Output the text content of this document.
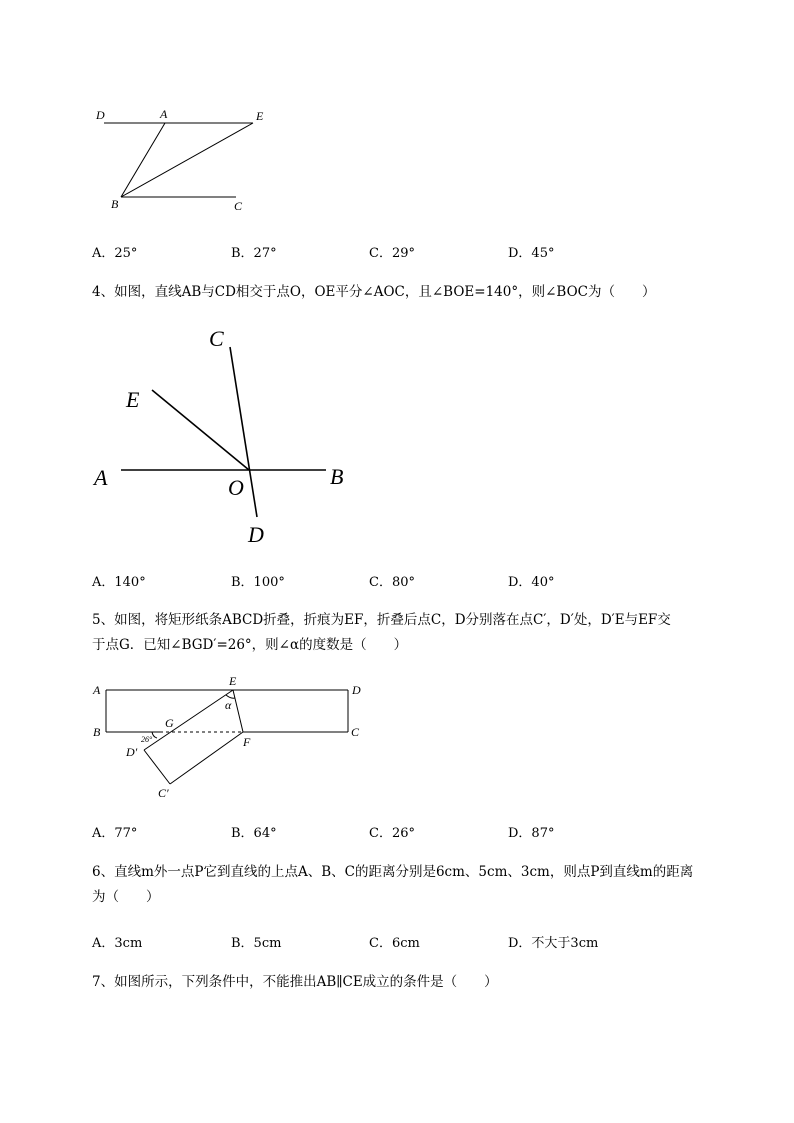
D	A	E
B	C
A．25°	B．27°	C．29°	D．45°
4、如图，直线AB与CD相交于点O，OE平分∠AOC，且∠BOE=140°，则∠BOC为（　　）
C
E
A	O	B
D
A．140°	B．100°	C．80°	D．40°
5、如图，将矩形纸条ABCD折叠，折痕为EF，折叠后点C，D分别落在点C′，D′处，D′E与EF交
于点G．已知∠BGD′=26°，则∠α的度数是（　　）
A
E
D
α
B
G
F
C
D′
C′
26°
A．77°	B．64°	C．26°	D．87°
6、直线m外一点P它到直线的上点A、B、C的距离分别是6cm、5cm、3cm，则点P到直线m的距离
为（　　）
A．3cm	B．5cm	C．6cm	D．不大于3cm
7、如图所示，下列条件中，不能推出AB∥CE成立的条件是（　　）
